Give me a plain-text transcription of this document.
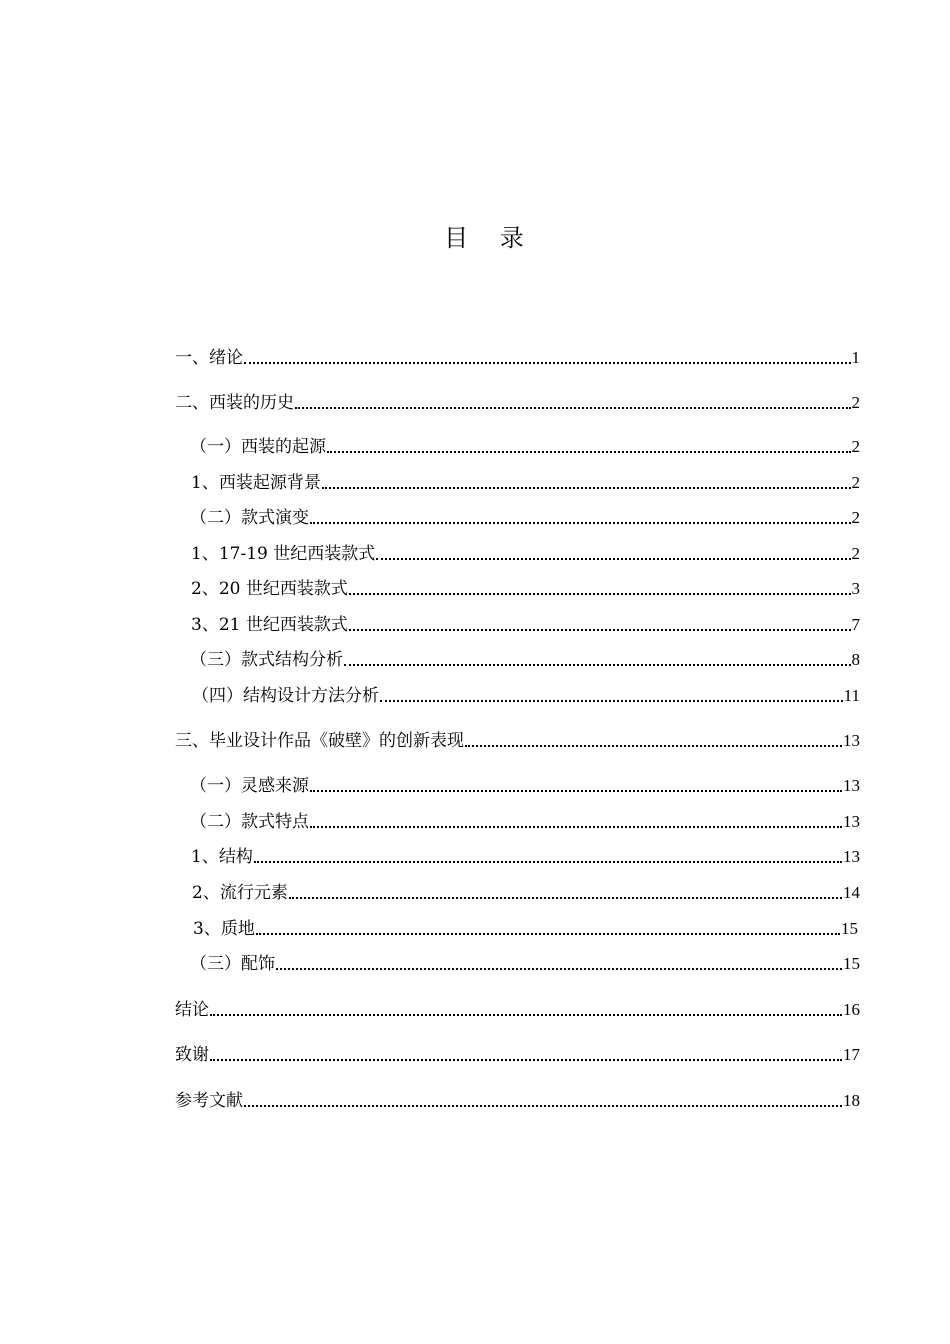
目 录
一、绪论	1
二、西装的历史	2
（一）西装的起源	2
1、西装起源背景	2
（二）款式演变	2
1、17-19 世纪西装款式	2
2、20 世纪西装款式	3
3、21 世纪西装款式	7
（三）款式结构分析	8
（四）结构设计方法分析	11
三、毕业设计作品《破壁》的创新表现	13
（一）灵感来源	13
（二）款式特点	13
1、结构	13
2、流行元素	14
3、质地	15
（三）配饰	15
结论	16
致谢	17
参考文献	18
